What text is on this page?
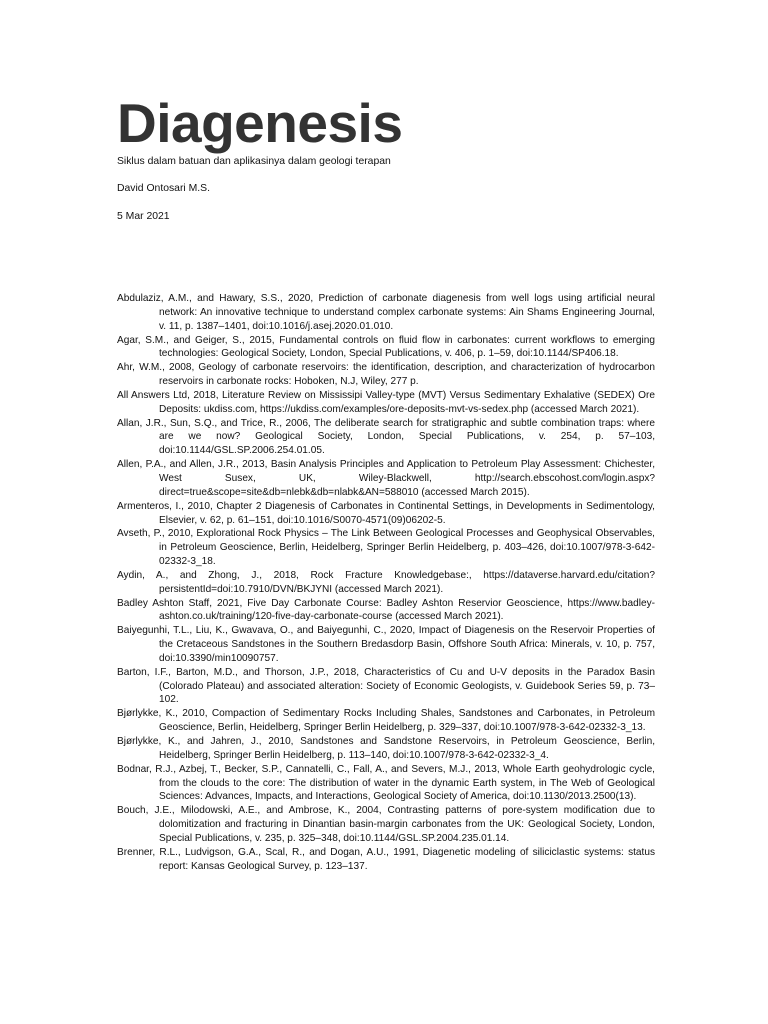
Diagenesis
Siklus dalam batuan dan aplikasinya dalam geologi terapan
David Ontosari M.S.
5 Mar 2021
Abdulaziz, A.M., and Hawary, S.S., 2020, Prediction of carbonate diagenesis from well logs using artificial neural network: An innovative technique to understand complex carbonate systems: Ain Shams Engineering Journal, v. 11, p. 1387–1401, doi:10.1016/j.asej.2020.01.010.
Agar, S.M., and Geiger, S., 2015, Fundamental controls on fluid flow in carbonates: current workflows to emerging technologies: Geological Society, London, Special Publications, v. 406, p. 1–59, doi:10.1144/SP406.18.
Ahr, W.M., 2008, Geology of carbonate reservoirs: the identification, description, and characterization of hydrocarbon reservoirs in carbonate rocks: Hoboken, N.J, Wiley, 277 p.
All Answers Ltd, 2018, Literature Review on Mississipi Valley-type (MVT) Versus Sedimentary Exhalative (SEDEX) Ore Deposits: ukdiss.com, https://ukdiss.com/examples/ore-deposits-mvt-vs-sedex.php (accessed March 2021).
Allan, J.R., Sun, S.Q., and Trice, R., 2006, The deliberate search for stratigraphic and subtle combination traps: where are we now? Geological Society, London, Special Publications, v. 254, p. 57–103, doi:10.1144/GSL.SP.2006.254.01.05.
Allen, P.A., and Allen, J.R., 2013, Basin Analysis Principles and Application to Petroleum Play Assessment: Chichester, West Susex, UK, Wiley-Blackwell, http://search.ebscohost.com/login.aspx?direct=true&scope=site&db=nlebk&db=nlabk&AN=588010 (accessed March 2015).
Armenteros, I., 2010, Chapter 2 Diagenesis of Carbonates in Continental Settings, in Developments in Sedimentology, Elsevier, v. 62, p. 61–151, doi:10.1016/S0070-4571(09)06202-5.
Avseth, P., 2010, Explorational Rock Physics – The Link Between Geological Processes and Geophysical Observables, in Petroleum Geoscience, Berlin, Heidelberg, Springer Berlin Heidelberg, p. 403–426, doi:10.1007/978-3-642-02332-3_18.
Aydin, A., and Zhong, J., 2018, Rock Fracture Knowledgebase:, https://dataverse.harvard.edu/citation?persistentId=doi:10.7910/DVN/BKJYNI (accessed March 2021).
Badley Ashton Staff, 2021, Five Day Carbonate Course: Badley Ashton Reservior Geoscience, https://www.badley-ashton.co.uk/training/120-five-day-carbonate-course (accessed March 2021).
Baiyegunhi, T.L., Liu, K., Gwavava, O., and Baiyegunhi, C., 2020, Impact of Diagenesis on the Reservoir Properties of the Cretaceous Sandstones in the Southern Bredasdorp Basin, Offshore South Africa: Minerals, v. 10, p. 757, doi:10.3390/min10090757.
Barton, I.F., Barton, M.D., and Thorson, J.P., 2018, Characteristics of Cu and U-V deposits in the Paradox Basin (Colorado Plateau) and associated alteration: Society of Economic Geologists, v. Guidebook Series 59, p. 73–102.
Bjørlykke, K., 2010, Compaction of Sedimentary Rocks Including Shales, Sandstones and Carbonates, in Petroleum Geoscience, Berlin, Heidelberg, Springer Berlin Heidelberg, p. 329–337, doi:10.1007/978-3-642-02332-3_13.
Bjørlykke, K., and Jahren, J., 2010, Sandstones and Sandstone Reservoirs, in Petroleum Geoscience, Berlin, Heidelberg, Springer Berlin Heidelberg, p. 113–140, doi:10.1007/978-3-642-02332-3_4.
Bodnar, R.J., Azbej, T., Becker, S.P., Cannatelli, C., Fall, A., and Severs, M.J., 2013, Whole Earth geohydrologic cycle, from the clouds to the core: The distribution of water in the dynamic Earth system, in The Web of Geological Sciences: Advances, Impacts, and Interactions, Geological Society of America, doi:10.1130/2013.2500(13).
Bouch, J.E., Milodowski, A.E., and Ambrose, K., 2004, Contrasting patterns of pore-system modification due to dolomitization and fracturing in Dinantian basin-margin carbonates from the UK: Geological Society, London, Special Publications, v. 235, p. 325–348, doi:10.1144/GSL.SP.2004.235.01.14.
Brenner, R.L., Ludvigson, G.A., Scal, R., and Dogan, A.U., 1991, Diagenetic modeling of siliciclastic systems: status report: Kansas Geological Survey, p. 123–137.
